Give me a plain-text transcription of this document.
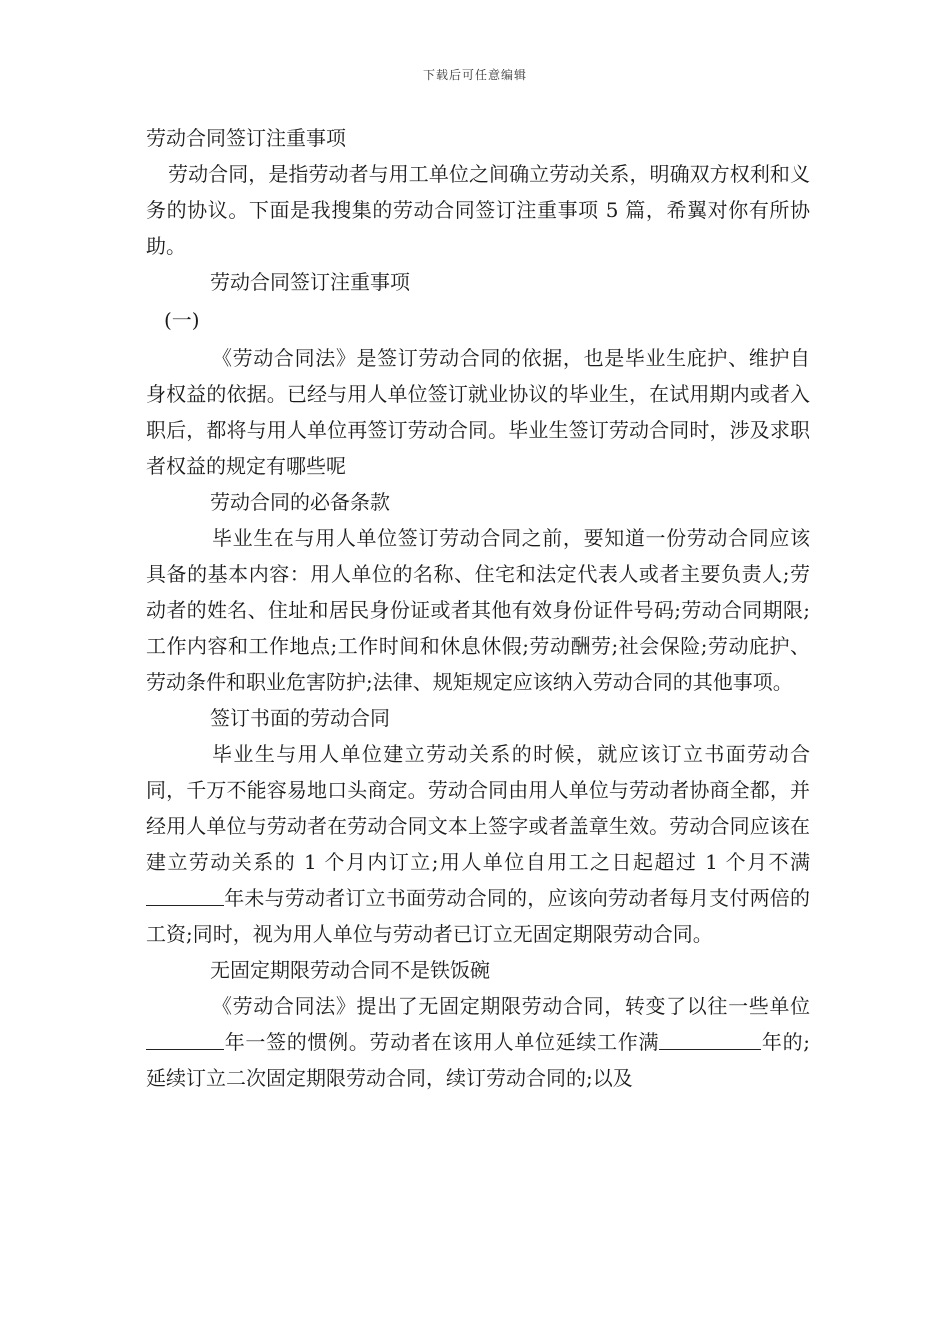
下载后可任意编辑
劳动合同签订注重事项
劳动合同，是指劳动者与用工单位之间确立劳动关系，明确双方权利和义务的协议。下面是我搜集的劳动合同签订注重事项 5 篇，希翼对你有所协助。
劳动合同签订注重事项
(一)
《劳动合同法》是签订劳动合同的依据，也是毕业生庇护、维护自身权益的依据。已经与用人单位签订就业协议的毕业生，在试用期内或者入职后，都将与用人单位再签订劳动合同。毕业生签订劳动合同时，涉及求职者权益的规定有哪些呢
劳动合同的必备条款
毕业生在与用人单位签订劳动合同之前，要知道一份劳动合同应该具备的基本内容：用人单位的名称、住宅和法定代表人或者主要负责人;劳动者的姓名、住址和居民身份证或者其他有效身份证件号码;劳动合同期限;工作内容和工作地点;工作时间和休息休假;劳动酬劳;社会保险;劳动庇护、劳动条件和职业危害防护;法律、规矩规定应该纳入劳动合同的其他事项。
签订书面的劳动合同
毕业生与用人单位建立劳动关系的时候，就应该订立书面劳动合同，千万不能容易地口头商定。劳动合同由用人单位与劳动者协商全都，并经用人单位与劳动者在劳动合同文本上签字或者盖章生效。劳动合同应该在建立劳动关系的 1 个月内订立;用人单位自用工之日起超过 1 个月不满年未与劳动者订立书面劳动合同的，应该向劳动者每月支付两倍的工资;同时，视为用人单位与劳动者已订立无固定期限劳动合同。
无固定期限劳动合同不是铁饭碗
《劳动合同法》提出了无固定期限劳动合同，转变了以往一些单位年一签的惯例。劳动者在该用人单位延续工作满	年的;延续订立二次固定期限劳动合同，续订劳动合同的;以及
